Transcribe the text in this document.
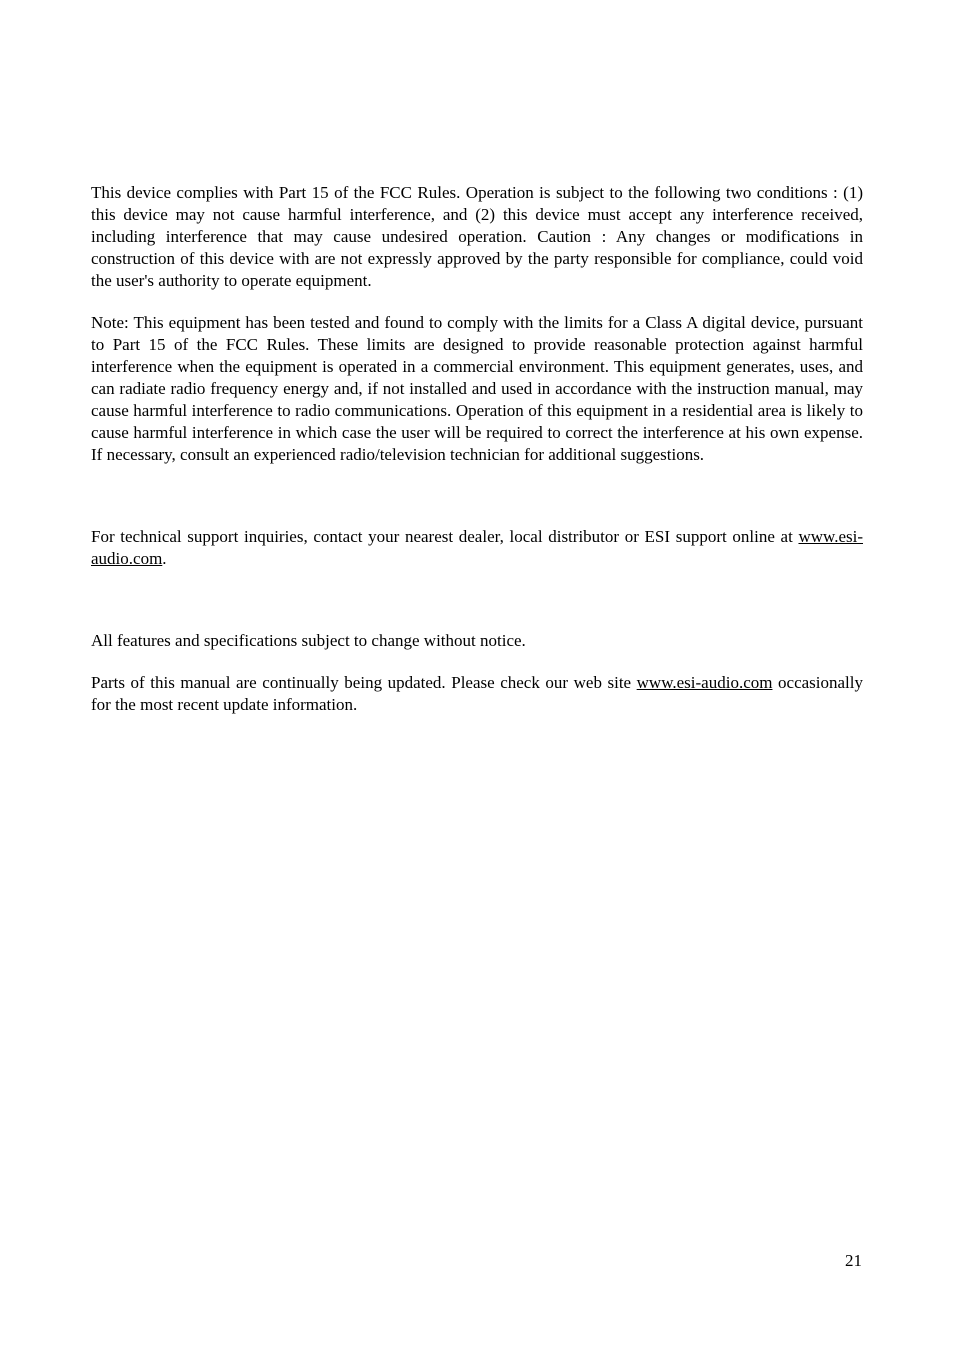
This device complies with Part 15 of the FCC Rules. Operation is subject to the following two conditions : (1) this device may not cause harmful interference, and (2) this device must accept any interference received, including interference that may cause undesired operation. Caution : Any changes or modifications in construction of this device with are not expressly approved by the party responsible for compliance, could void the user's authority to operate equipment.

Note: This equipment has been tested and found to comply with the limits for a Class A digital device, pursuant to Part 15 of the FCC Rules. These limits are designed to provide reasonable protection against harmful interference when the equipment is operated in a commercial environment. This equipment generates, uses, and can radiate radio frequency energy and, if not installed and used in accordance with the instruction manual, may cause harmful interference to radio communications. Operation of this equipment in a residential area is likely to cause harmful interference in which case the user will be required to correct the interference at his own expense. If necessary, consult an experienced radio/television technician for additional suggestions.

For technical support inquiries, contact your nearest dealer, local distributor or ESI support online at www.esi-audio.com.

All features and specifications subject to change without notice.

Parts of this manual are continually being updated. Please check our web site www.esi-audio.com occasionally for the most recent update information.

21
